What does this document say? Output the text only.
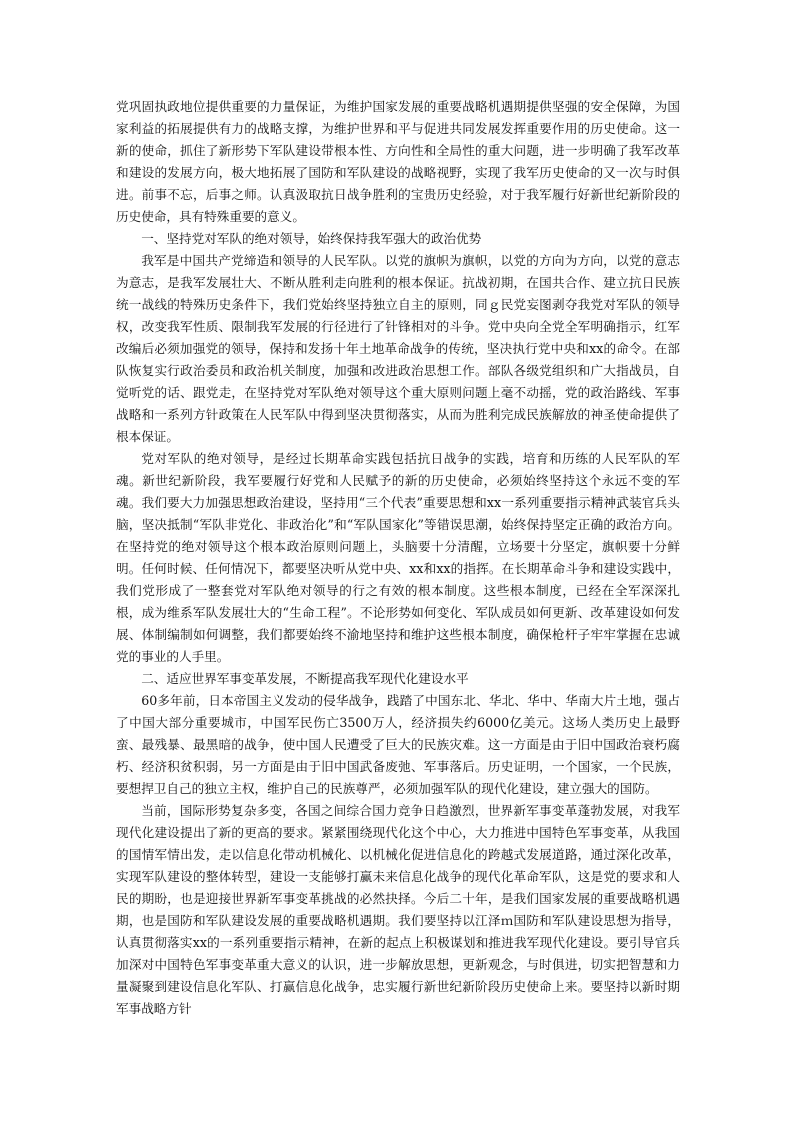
党巩固执政地位提供重要的力量保证，为维护国家发展的重要战略机遇期提供坚强的安全保障，为国家利益的拓展提供有力的战略支撑，为维护世界和平与促进共同发展发挥重要作用的历史使命。这一新的使命，抓住了新形势下军队建设带根本性、方向性和全局性的重大问题，进一步明确了我军改革和建设的发展方向，极大地拓展了国防和军队建设的战略视野，实现了我军历史使命的又一次与时俱进。前事不忘，后事之师。认真汲取抗日战争胜利的宝贵历史经验，对于我军履行好新世纪新阶段的历史使命，具有特殊重要的意义。

一、坚持党对军队的绝对领导，始终保持我军强大的政治优势

我军是中国共产党缔造和领导的人民军队。以党的旗帜为旗帜，以党的方向为方向，以党的意志为意志，是我军发展壮大、不断从胜利走向胜利的根本保证。抗战初期，在国共合作、建立抗日民族统一战线的特殊历史条件下，我们党始终坚持独立自主的原则，同ｇ民党妄图剥夺我党对军队的领导权，改变我军性质、限制我军发展的行径进行了针锋相对的斗争。党中央向全党全军明确指示，红军改编后必须加强党的领导，保持和发扬十年土地革命战争的传统，坚决执行党中央和xx的命令。在部队恢复实行政治委员和政治机关制度，加强和改进政治思想工作。部队各级党组织和广大指战员，自觉听党的话、跟党走，在坚持党对军队绝对领导这个重大原则问题上毫不动摇，党的政治路线、军事战略和一系列方针政策在人民军队中得到坚决贯彻落实，从而为胜利完成民族解放的神圣使命提供了根本保证。

党对军队的绝对领导，是经过长期革命实践包括抗日战争的实践，培育和历练的人民军队的军魂。新世纪新阶段，我军要履行好党和人民赋予的新的历史使命，必须始终坚持这个永远不变的军魂。我们要大力加强思想政治建设，坚持用“三个代表”重要思想和xx一系列重要指示精神武装官兵头脑，坚决抵制“军队非党化、非政治化”和“军队国家化”等错误思潮，始终保持坚定正确的政治方向。在坚持党的绝对领导这个根本政治原则问题上，头脑要十分清醒，立场要十分坚定，旗帜要十分鲜明。任何时候、任何情况下，都要坚决听从党中央、xx和xx的指挥。在长期革命斗争和建设实践中，我们党形成了一整套党对军队绝对领导的行之有效的根本制度。这些根本制度，已经在全军深深扎根，成为维系军队发展壮大的“生命工程”。不论形势如何变化、军队成员如何更新、改革建设如何发展、体制编制如何调整，我们都要始终不渝地坚持和维护这些根本制度，确保枪杆子牢牢掌握在忠诚党的事业的人手里。

二、适应世界军事变革发展，不断提高我军现代化建设水平

60多年前，日本帝国主义发动的侵华战争，践踏了中国东北、华北、华中、华南大片土地，强占了中国大部分重要城市，中国军民伤亡3500万人，经济损失约6000亿美元。这场人类历史上最野蛮、最残暴、最黑暗的战争，使中国人民遭受了巨大的民族灾难。这一方面是由于旧中国政治衰朽腐朽、经济积贫积弱，另一方面是由于旧中国武备废弛、军事落后。历史证明，一个国家，一个民族，要想捍卫自己的独立主权，维护自己的民族尊严，必须加强军队的现代化建设，建立强大的国防。

当前，国际形势复杂多变，各国之间综合国力竞争日趋激烈，世界新军事变革蓬勃发展，对我军现代化建设提出了新的更高的要求。紧紧围绕现代化这个中心，大力推进中国特色军事变革，从我国的国情军情出发，走以信息化带动机械化、以机械化促进信息化的跨越式发展道路，通过深化改革，实现军队建设的整体转型，建设一支能够打赢未来信息化战争的现代化革命军队，这是党的要求和人民的期盼，也是迎接世界新军事变革挑战的必然抉择。今后二十年，是我们国家发展的重要战略机遇期，也是国防和军队建设发展的重要战略机遇期。我们要坚持以江泽ｍ国防和军队建设思想为指导，认真贯彻落实xx的一系列重要指示精神，在新的起点上积极谋划和推进我军现代化建设。要引导官兵加深对中国特色军事变革重大意义的认识，进一步解放思想，更新观念，与时俱进，切实把智慧和力量凝聚到建设信息化军队、打赢信息化战争，忠实履行新世纪新阶段历史使命上来。要坚持以新时期军事战略方针
